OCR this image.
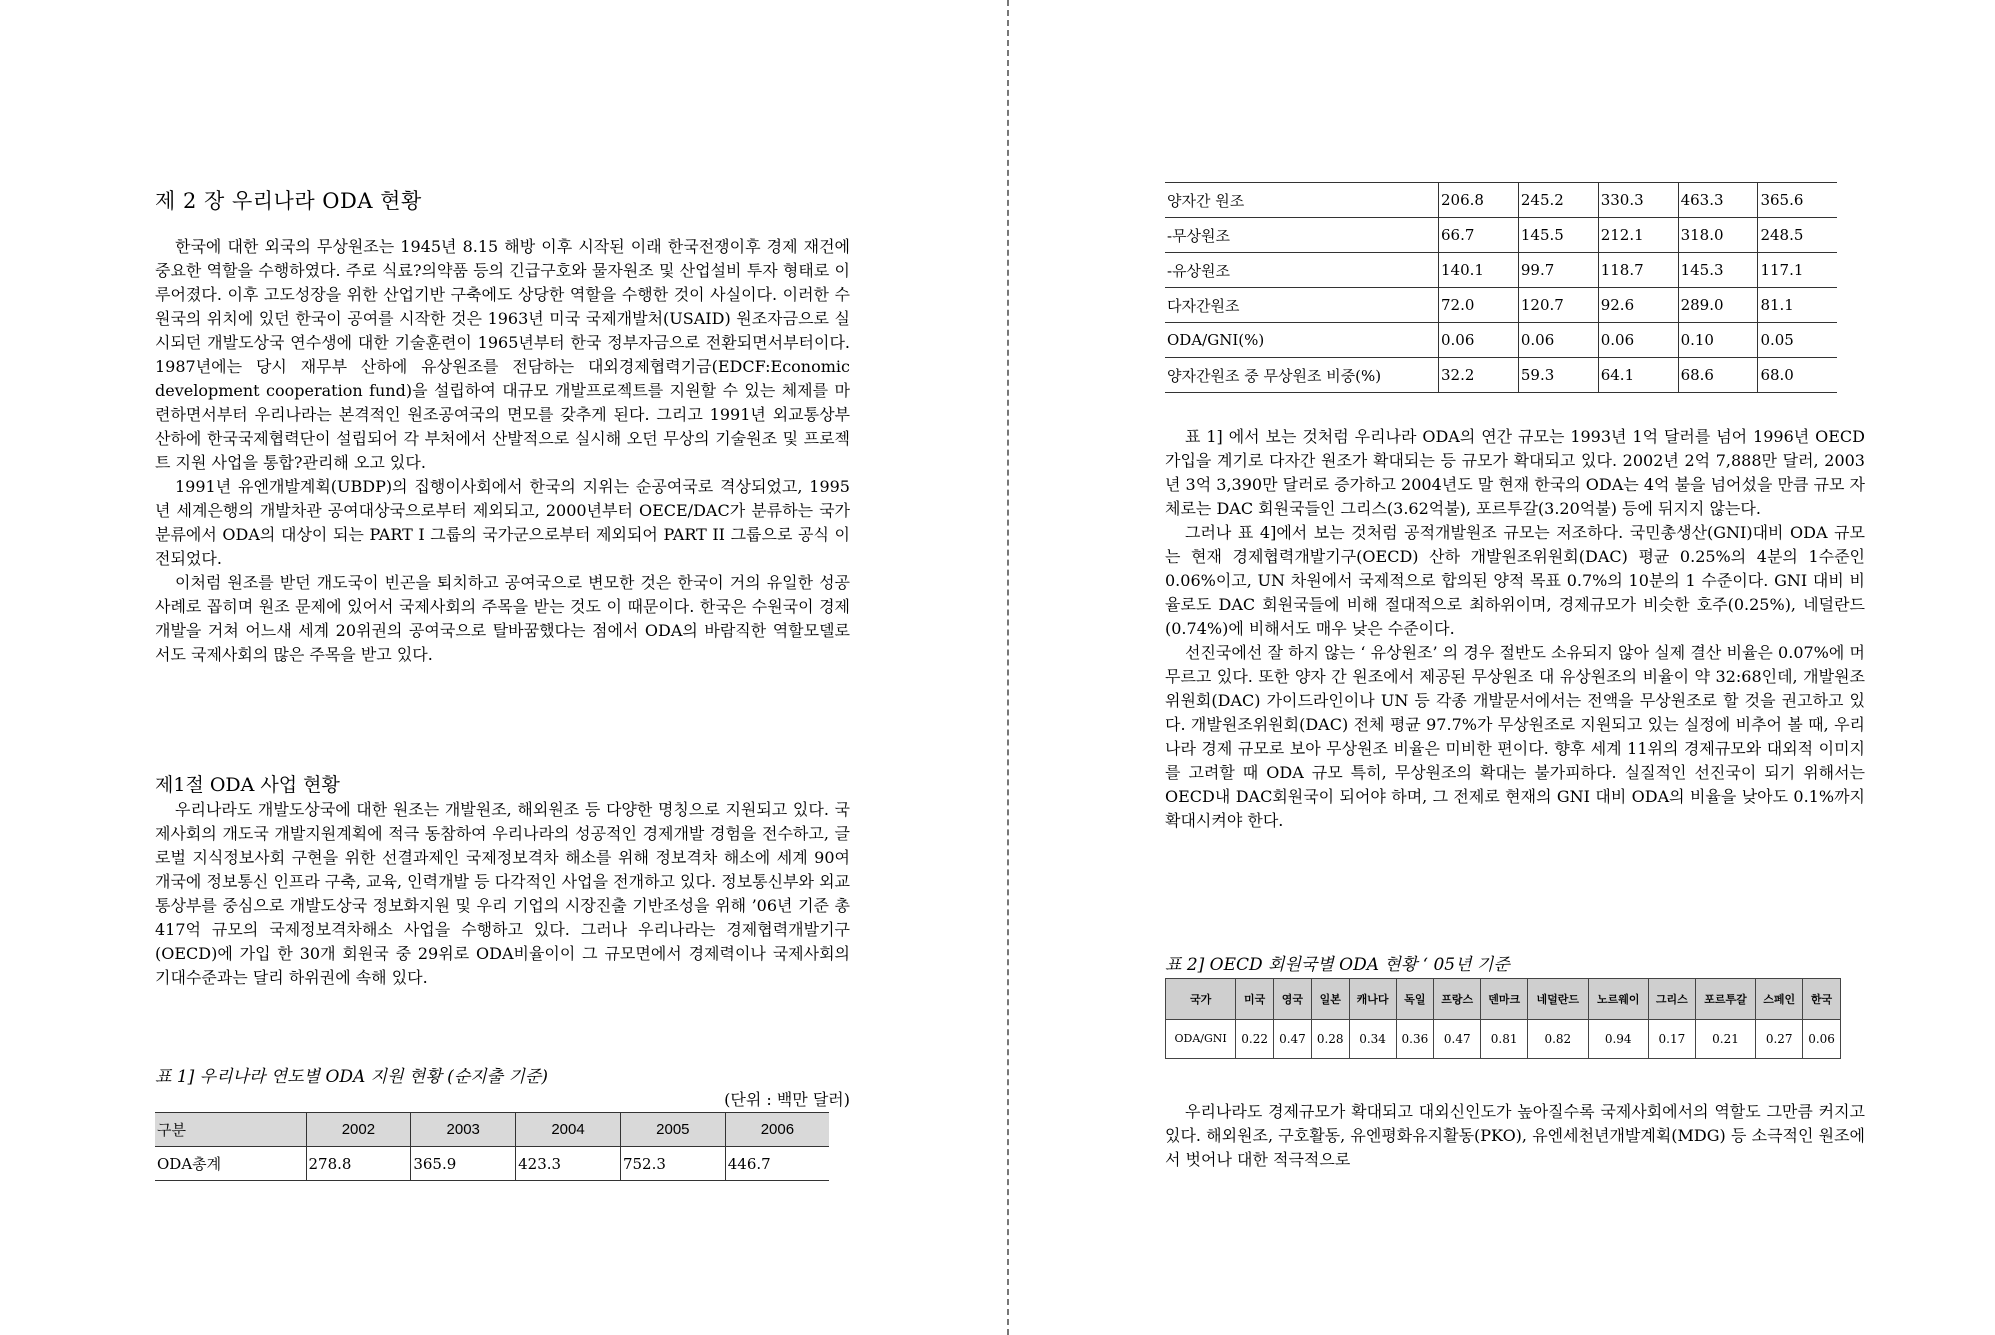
제 2 장 우리나라 ODA 현황

한국에 대한 외국의 무상원조는 1945년 8.15 해방 이후 시작된 이래 한국전쟁이후 경제 재건에 중요한 역할을 수행하였다. 주로 식료?의약품 등의 긴급구호와 물자원조 및 산업설비 투자 형태로 이루어졌다. 이후 고도성장을 위한 산업기반 구축에도 상당한 역할을 수행한 것이 사실이다. 이러한 수원국의 위치에 있던 한국이 공여를 시작한 것은 1963년 미국 국제개발처(USAID) 원조자금으로 실시되던 개발도상국 연수생에 대한 기술훈련이 1965년부터 한국 정부자금으로 전환되면서부터이다. 1987년에는 당시 재무부 산하에 유상원조를 전담하는 대외경제협력기금(EDCF:Economic development cooperation fund)을 설립하여 대규모 개발프로젝트를 지원할 수 있는 체제를 마련하면서부터 우리나라는 본격적인 원조공여국의 면모를 갖추게 된다. 그리고 1991년 외교통상부 산하에 한국국제협력단이 설립되어 각 부처에서 산발적으로 실시해 오던 무상의 기술원조 및 프로젝트 지원 사업을 통합?관리해 오고 있다.

1991년 유엔개발계획(UBDP)의 집행이사회에서 한국의 지위는 순공여국로 격상되었고, 1995년 세계은행의 개발차관 공여대상국으로부터 제외되고, 2000년부터 OECE/DAC가 분류하는 국가분류에서 ODA의 대상이 되는 PART I 그룹의 국가군으로부터 제외되어 PART II 그룹으로 공식 이전되었다.

이처럼 원조를 받던 개도국이 빈곤을 퇴치하고 공여국으로 변모한 것은 한국이 거의 유일한 성공사례로 꼽히며 원조 문제에 있어서 국제사회의 주목을 받는 것도 이 때문이다. 한국은 수원국이 경제개발을 거쳐 어느새 세계 20위권의 공여국으로 탈바꿈했다는 점에서 ODA의 바람직한 역할모델로서도 국제사회의 많은 주목을 받고 있다.

제1절 ODA 사업 현황

우리나라도 개발도상국에 대한 원조는 개발원조, 해외원조 등 다양한 명칭으로 지원되고 있다. 국제사회의 개도국 개발지원계획에 적극 동참하여 우리나라의 성공적인 경제개발 경험을 전수하고, 글로벌 지식정보사회 구현을 위한 선결과제인 국제정보격차 해소를 위해 정보격차 해소에 세계 90여 개국에 정보통신 인프라 구축, 교육, 인력개발 등 다각적인 사업을 전개하고 있다. 정보통신부와 외교통상부를 중심으로 개발도상국 정보화지원 및 우리 기업의 시장진출 기반조성을 위해 ’06년 기준 총 417억 규모의 국제정보격차해소 사업을 수행하고 있다. 그러나 우리나라는 경제협력개발기구(OECD)에 가입 한 30개 회원국 중 29위로 ODA비율이이 그 규모면에서 경제력이나 국제사회의 기대수준과는 달리 하위권에 속해 있다.

표 1] 우리나라 연도별 ODA 지원 현황 (순지출 기준)

(단위 : 백만 달러)
구분	2002	2003	2004	2005	2006
ODA총계	278.8	365.9	423.3	752.3	446.7
양자간 원조	206.8	245.2	330.3	463.3	365.6
-무상원조	66.7	145.5	212.1	318.0	248.5
-유상원조	140.1	99.7	118.7	145.3	117.1
다자간원조	72.0	120.7	92.6	289.0	81.1
ODA/GNI(%)	0.06	0.06	0.06	0.10	0.05
양자간원조 중 무상원조 비중(%)	32.2	59.3	64.1	68.6	68.0

표 1] 에서 보는 것처럼 우리나라 ODA의 연간 규모는 1993년 1억 달러를 넘어 1996년 OECD 가입을 계기로 다자간 원조가 확대되는 등 규모가 확대되고 있다. 2002년 2억 7,888만 달러, 2003년 3억 3,390만 달러로 증가하고 2004년도 말 현재 한국의 ODA는 4억 불을 넘어섰을 만큼 규모 자체로는 DAC 회원국들인 그리스(3.62억불), 포르투갈(3.20억불) 등에 뒤지지 않는다.

그러나 표 4]에서 보는 것처럼 공적개발원조 규모는 저조하다. 국민총생산(GNI)대비 ODA 규모는 현재 경제협력개발기구(OECD) 산하 개발원조위원회(DAC) 평균 0.25%의 4분의 1수준인 0.06%이고, UN 차원에서 국제적으로 합의된 양적 목표 0.7%의 10분의 1 수준이다. GNI 대비 비율로도 DAC 회원국들에 비해 절대적으로 최하위이며, 경제규모가 비슷한 호주(0.25%), 네덜란드(0.74%)에 비해서도 매우 낮은 수준이다.

선진국에선 잘 하지 않는 ‘ 유상원조’ 의 경우 절반도 소유되지 않아 실제 결산 비율은 0.07%에 머무르고 있다. 또한 양자 간 원조에서 제공된 무상원조 대 유상원조의 비율이 약 32:68인데, 개발원조위원회(DAC) 가이드라인이나 UN 등 각종 개발문서에서는 전액을 무상원조로 할 것을 권고하고 있다. 개발원조위원회(DAC) 전체 평균 97.7%가 무상원조로 지원되고 있는 실정에 비추어 볼 때, 우리나라 경제 규모로 보아 무상원조 비율은 미비한 편이다. 향후 세계 11위의 경제규모와 대외적 이미지를 고려할 때 ODA 규모 특히, 무상원조의 확대는 불가피하다. 실질적인 선진국이 되기 위해서는 OECD내 DAC회원국이 되어야 하며, 그 전제로 현재의 GNI 대비 ODA의 비율을 낮아도 0.1%까지 확대시켜야 한다.

표 2] OECD 회원국별 ODA 현황 ‘ 05년 기준

국가	미국	영국	일본	캐나다	독일	프랑스	덴마크	네덜란드	노르웨이	그리스	포르투갈	스페인	한국
ODA/GNI	0.22	0.47	0.28	0.34	0.36	0.47	0.81	0.82	0.94	0.17	0.21	0.27	0.06

우리나라도 경제규모가 확대되고 대외신인도가 높아질수록 국제사회에서의 역할도 그만큼 커지고 있다. 해외원조, 구호활동, 유엔평화유지활동(PKO), 유엔세천년개발계획(MDG) 등 소극적인 원조에서 벗어나 대한 적극적으로
